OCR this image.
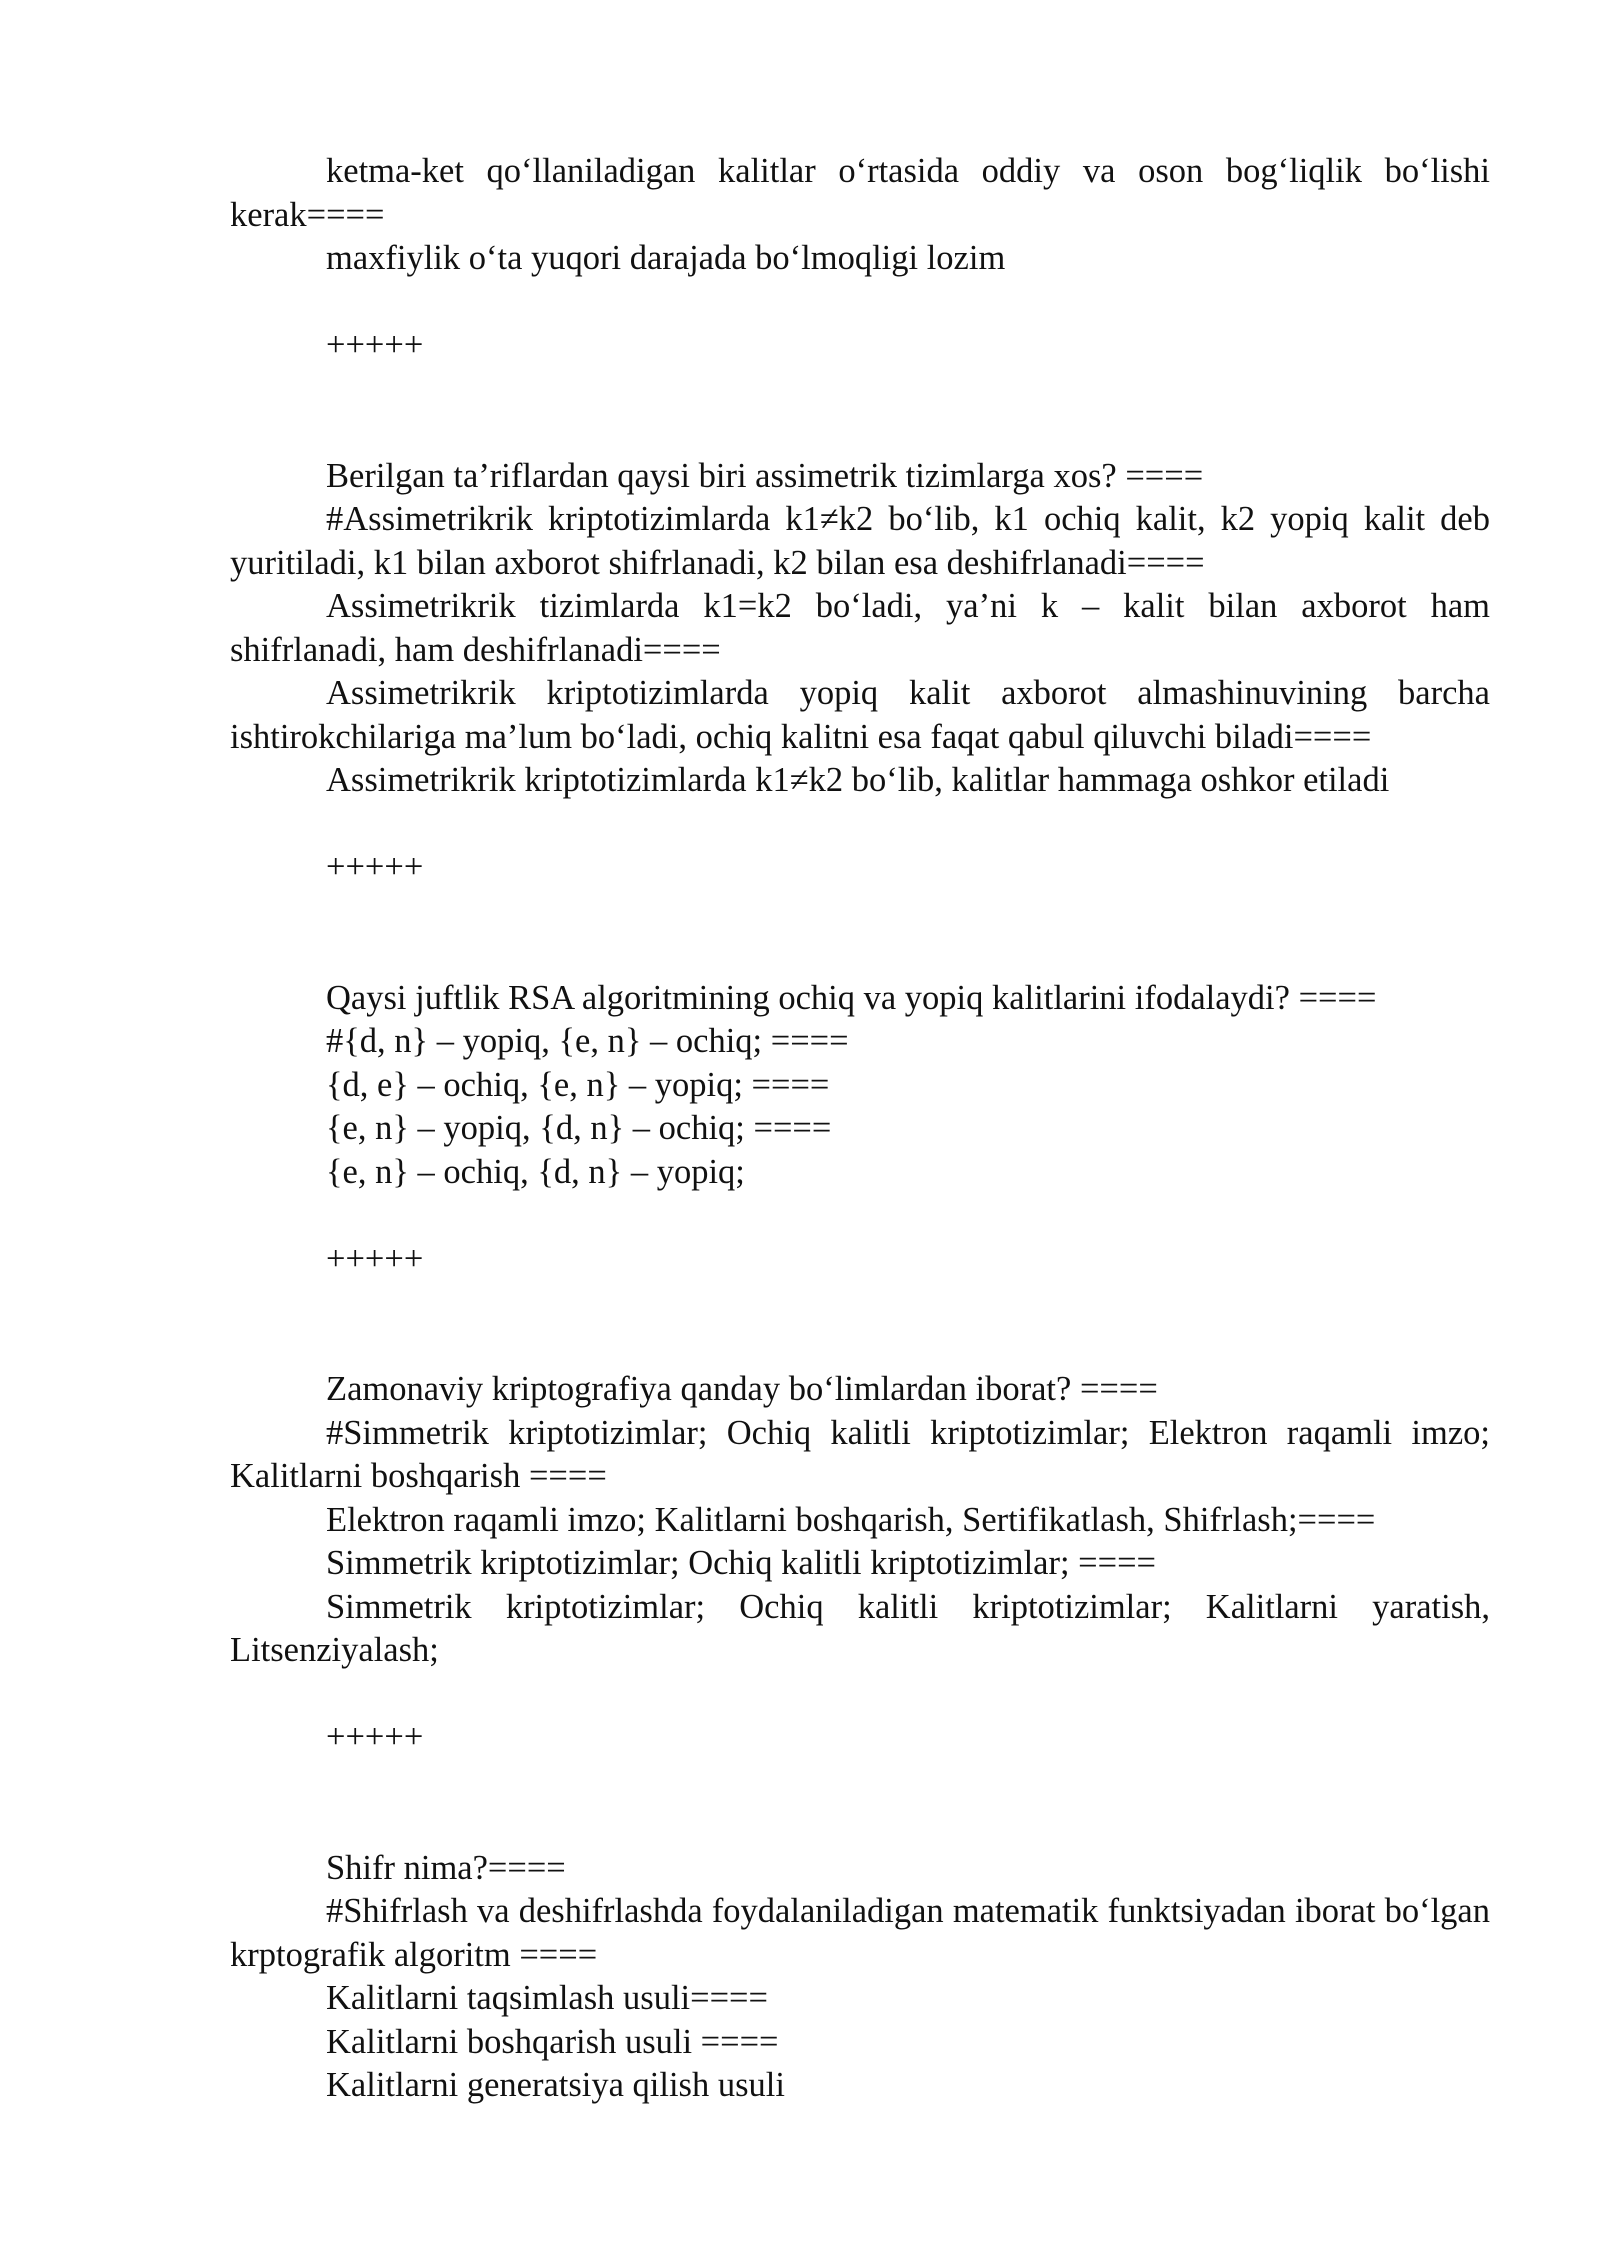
ketma-ket qo‘llaniladigan kalitlar o‘rtasida oddiy va oson bog‘liqlik bo‘lishi kerak====

maxfiylik o‘ta yuqori darajada bo‘lmoqligi lozim

+++++

Berilgan ta’riflardan qaysi biri assimetrik tizimlarga xos? ====

#Assimetrikrik kriptotizimlarda k1≠k2 bo‘lib, k1 ochiq kalit, k2 yopiq kalit deb yuritiladi, k1 bilan axborot shifrlanadi, k2 bilan esa deshifrlanadi====

Assimetrikrik tizimlarda k1=k2 bo‘ladi, ya’ni k – kalit bilan axborot ham shifrlanadi, ham deshifrlanadi====

Assimetrikrik kriptotizimlarda yopiq kalit axborot almashinuvining barcha ishtirokchilariga ma’lum bo‘ladi, ochiq kalitni esa faqat qabul qiluvchi biladi====

Assimetrikrik kriptotizimlarda k1≠k2 bo‘lib, kalitlar hammaga oshkor etiladi

+++++

Qaysi juftlik RSA algoritmining ochiq va yopiq kalitlarini ifodalaydi? ====

#{d, n} – yopiq, {e, n} – ochiq; ====

{d, e} – ochiq, {e, n} – yopiq; ====

{e, n} – yopiq, {d, n} – ochiq; ====

{e, n} – ochiq, {d, n} – yopiq;

+++++

Zamonaviy kriptografiya qanday bo‘limlardan iborat? ====

#Simmetrik kriptotizimlar; Ochiq kalitli kriptotizimlar; Elektron raqamli imzo; Kalitlarni boshqarish ====

Elektron raqamli imzo; Kalitlarni boshqarish, Sertifikatlash, Shifrlash;====

Simmetrik kriptotizimlar; Ochiq kalitli kriptotizimlar; ====

Simmetrik kriptotizimlar; Ochiq kalitli kriptotizimlar; Kalitlarni yaratish, Litsenziyalash;

+++++

Shifr nima?====

#Shifrlash va deshifrlashda foydalaniladigan matematik funktsiyadan iborat bo‘lgan krptografik algoritm ====

Kalitlarni taqsimlash usuli====

Kalitlarni boshqarish usuli ====

Kalitlarni generatsiya qilish usuli
